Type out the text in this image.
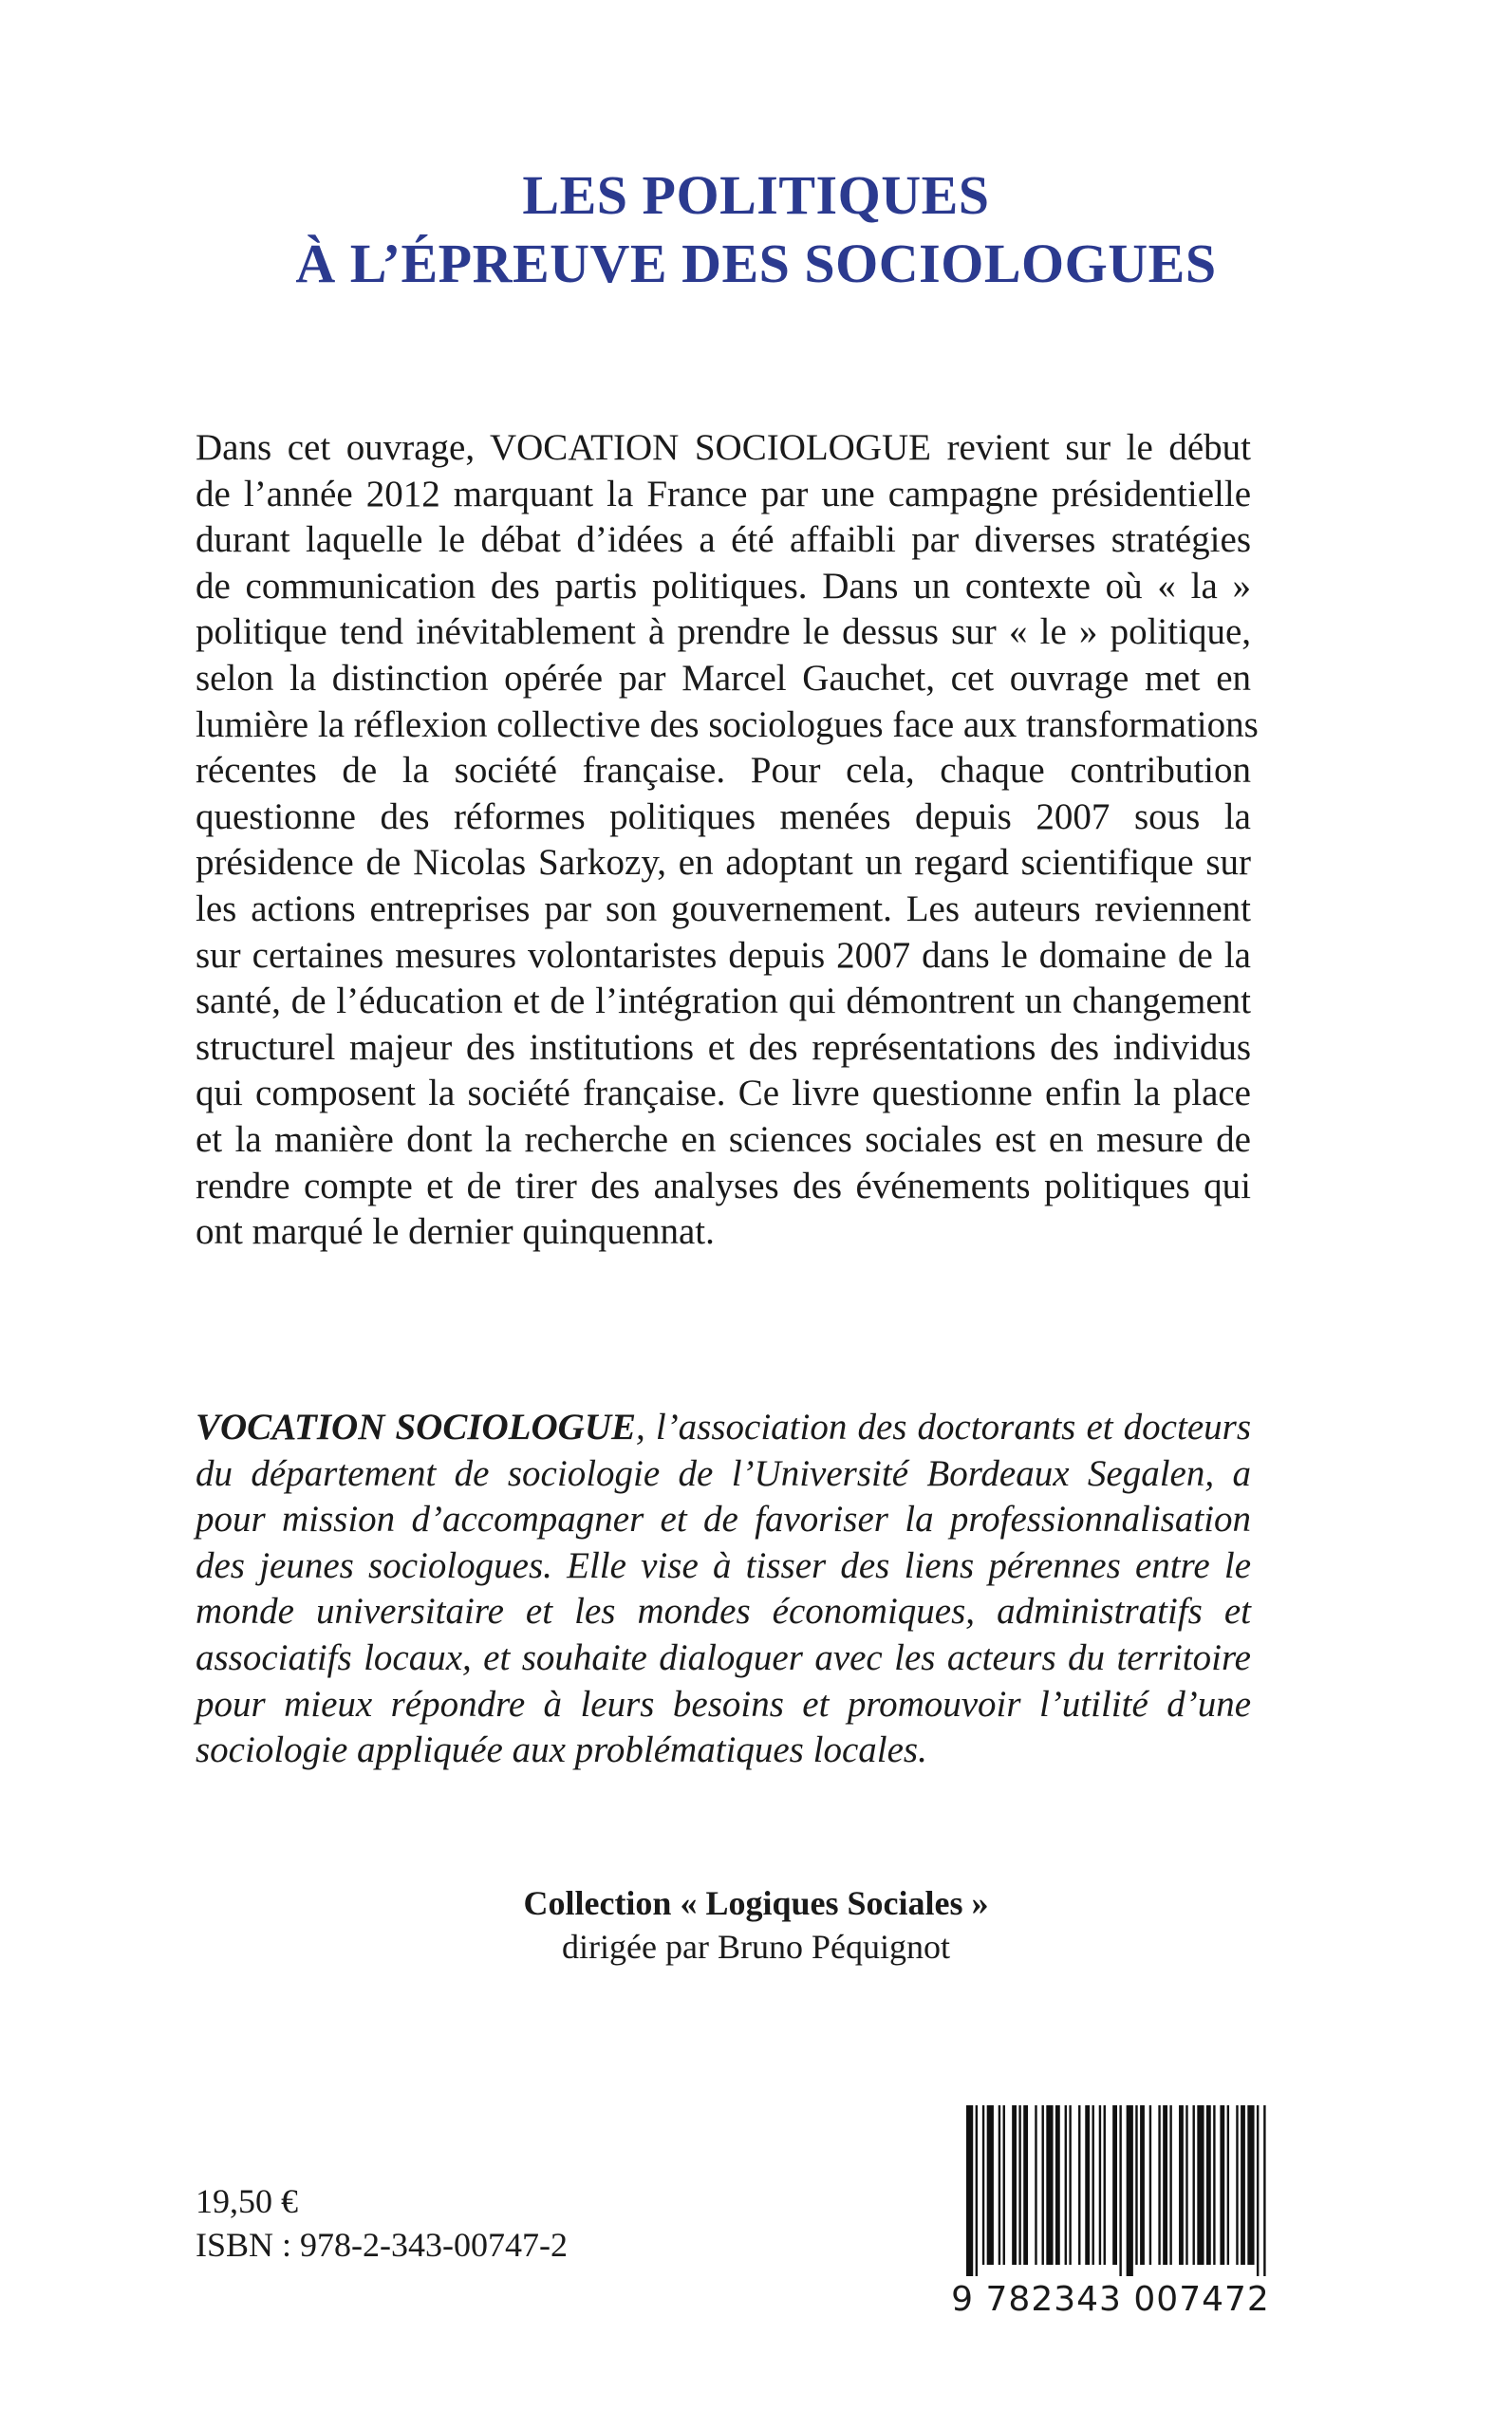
LES POLITIQUES
À L’ÉPREUVE DES SOCIOLOGUES
Dans cet ouvrage, VOCATION SOCIOLOGUE revient sur le début
de l’année 2012 marquant la France par une campagne présidentielle
durant laquelle le débat d’idées a été affaibli par diverses stratégies
de communication des partis politiques. Dans un contexte où « la »
politique tend inévitablement à prendre le dessus sur « le » politique,
selon la distinction opérée par Marcel Gauchet, cet ouvrage met en
lumière la réflexion collective des sociologues face aux transformations
récentes de la société française. Pour cela, chaque contribution
questionne des réformes politiques menées depuis 2007 sous la
présidence de Nicolas Sarkozy, en adoptant un regard scientifique sur
les actions entreprises par son gouvernement. Les auteurs reviennent
sur certaines mesures volontaristes depuis 2007 dans le domaine de la
santé, de l’éducation et de l’intégration qui démontrent un changement
structurel majeur des institutions et des représentations des individus
qui composent la société française. Ce livre questionne enfin la place
et la manière dont la recherche en sciences sociales est en mesure de
rendre compte et de tirer des analyses des événements politiques qui
ont marqué le dernier quinquennat.
VOCATION SOCIOLOGUE, l’association des doctorants et docteurs
du département de sociologie de l’Université Bordeaux Segalen, a
pour mission d’accompagner et de favoriser la professionnalisation
des jeunes sociologues. Elle vise à tisser des liens pérennes entre le
monde universitaire et les mondes économiques, administratifs et
associatifs locaux, et souhaite dialoguer avec les acteurs du territoire
pour mieux répondre à leurs besoins et promouvoir l’utilité d’une
sociologie appliquée aux problématiques locales.
Collection « Logiques Sociales »
dirigée par Bruno Péquignot
19,50 €
ISBN : 978-2-343-00747-2
9 782343 007472
